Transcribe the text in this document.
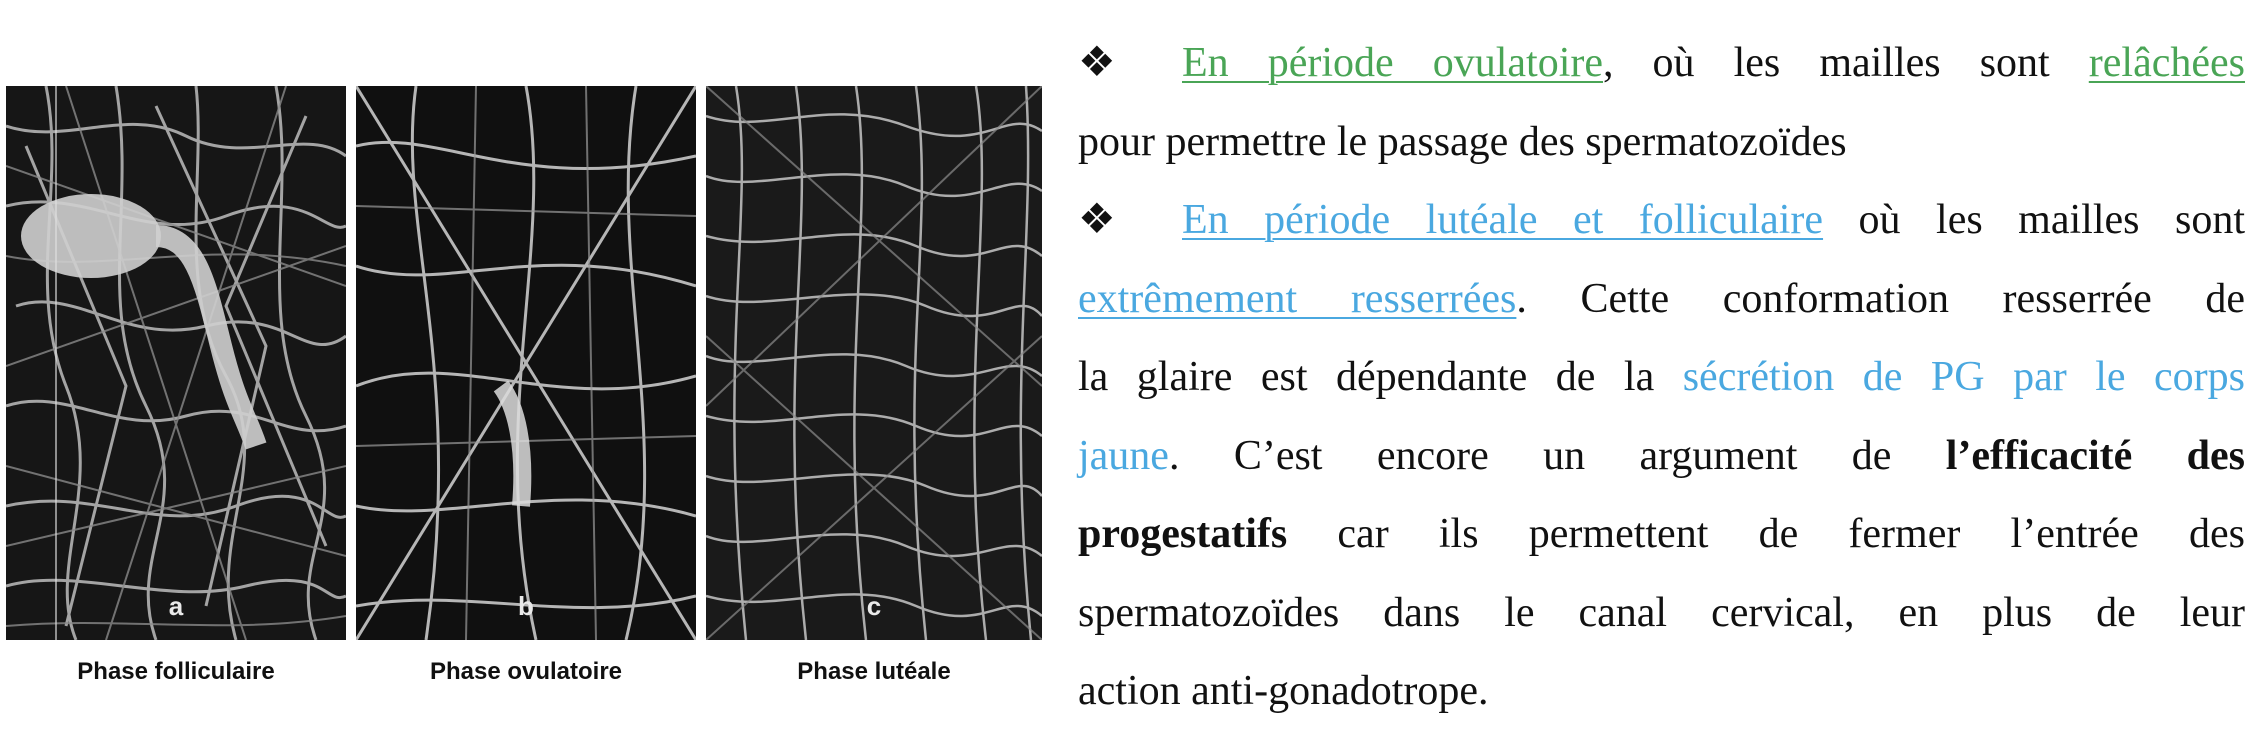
a	b	c
Phase folliculaire	Phase ovulatoire	Phase lutéale
❖ En période ovulatoire, où les mailles sont relâchées
pour permettre le passage des spermatozoïdes
❖ En période lutéale et folliculaire où les mailles sont
extrêmement resserrées. Cette conformation resserrée de
la glaire est dépendante de la sécrétion de PG par le corps
jaune. C’est encore un argument de l’efficacité des
progestatifs car ils permettent de fermer l’entrée des
spermatozoïdes dans le canal cervical, en plus de leur
action anti-gonadotrope.
